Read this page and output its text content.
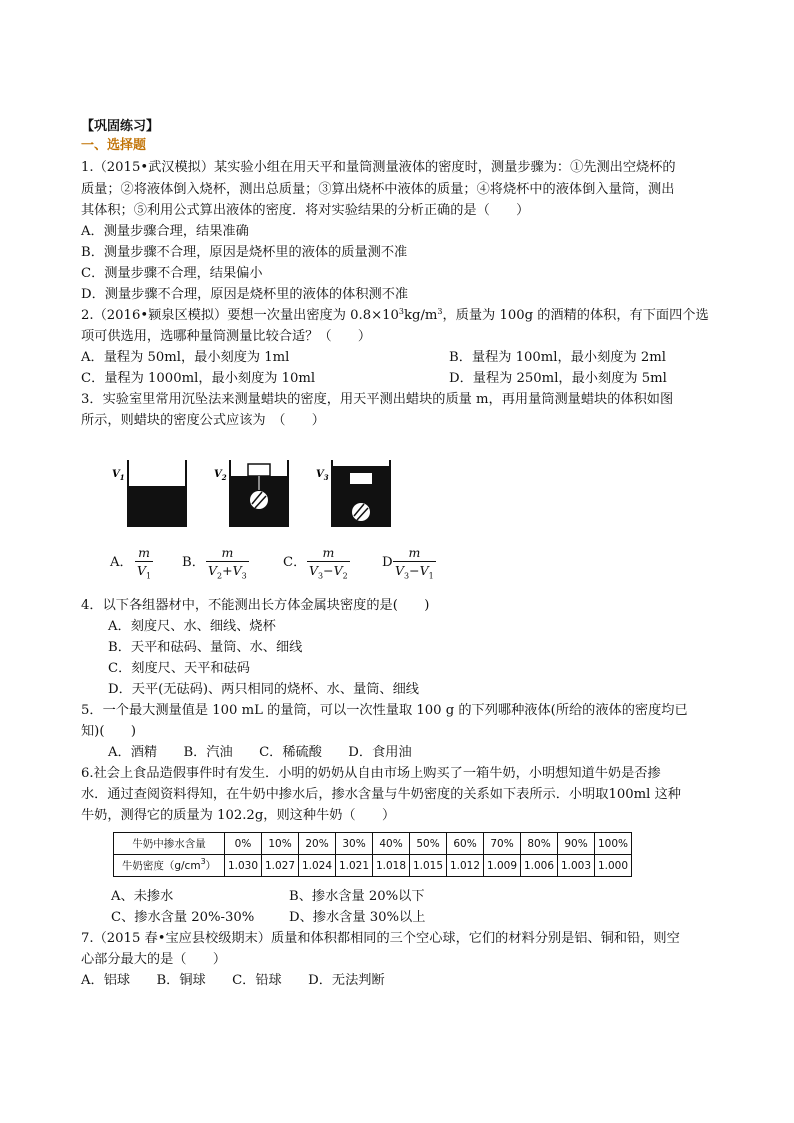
【巩固练习】
一、选择题
1.（2015•武汉模拟）某实验小组在用天平和量筒测量液体的密度时，测量步骤为：①先测出空烧杯的
质量；②将液体倒入烧杯，测出总质量；③算出烧杯中液体的质量；④将烧杯中的液体倒入量筒，测出
其体积；⑤利用公式算出液体的密度．将对实验结果的分析正确的是（　　）
A．测量步骤合理，结果准确
B．测量步骤不合理，原因是烧杯里的液体的质量测不准
C．测量步骤不合理，结果偏小
D．测量步骤不合理，原因是烧杯里的液体的体积测不准
2.（2016•颍泉区模拟）要想一次量出密度为 $0.8\times 10^3kg/m^3$，质量为 100g 的酒精的体积，有下面四个选
项可供选用，选哪种量筒测量比较合适？（　　）
A．量程为 50ml，最小刻度为 1ml	B．量程为 100ml，最小刻度为 2ml
C．量程为 1000ml，最小刻度为 10ml	D．量程为 250ml，最小刻度为 5ml
3．实验室里常用沉坠法来测量蜡块的密度，用天平测出蜡块的质量 m，再用量筒测量蜡块的体积如图
所示，则蜡块的密度公式应该为　（　　）
$V_1$	$V_2$	$V_3$
A． $\frac{m}{V_1}$ B． $\frac{m}{V_2+V_3}$	C． $\frac{m}{V_3-V_2}$ D $\frac{m}{V_3-V_1}$
4．以下各组器材中，不能测出长方体金属块密度的是(　　)
A．刻度尺、水、细线、烧杯
B．天平和砝码、量筒、水、细线
C．刻度尺、天平和砝码
D．天平(无砝码)、两只相同的烧杯、水、量筒、细线
5．一个最大测量值是 100 mL 的量筒，可以一次性量取 100 g 的下列哪种液体(所给的液体的密度均已
知)(　　)
A．酒精　　B．汽油　　C．稀硫酸　　D．食用油
6.社会上食品造假事件时有发生．小明的奶奶从自由市场上购买了一箱牛奶，小明想知道牛奶是否掺
水．通过查阅资料得知，在牛奶中掺水后，掺水含量与牛奶密度的关系如下表所示．小明取100ml 这种
牛奶，测得它的质量为 102.2g，则这种牛奶（　　）
牛奶中掺水含量	0%	10%	20%	30%	40%	50%	60%	70%	80%	90%	100%
牛奶密度$(g/cm^3)$	1.030	1.027	1.024	1.021	1.018	1.015	1.012	1.009	1.006	1.003	1.000
A、未掺水	B、掺水含量 20%以下
C、掺水含量 20%-30%	D、掺水含量 30%以上
7.（2015 春•宝应县校级期末）质量和体积都相同的三个空心球，它们的材料分别是铝、铜和铅，则空
心部分最大的是（　　）
A．铝球　　B．铜球　　C．铅球　　D．无法判断
